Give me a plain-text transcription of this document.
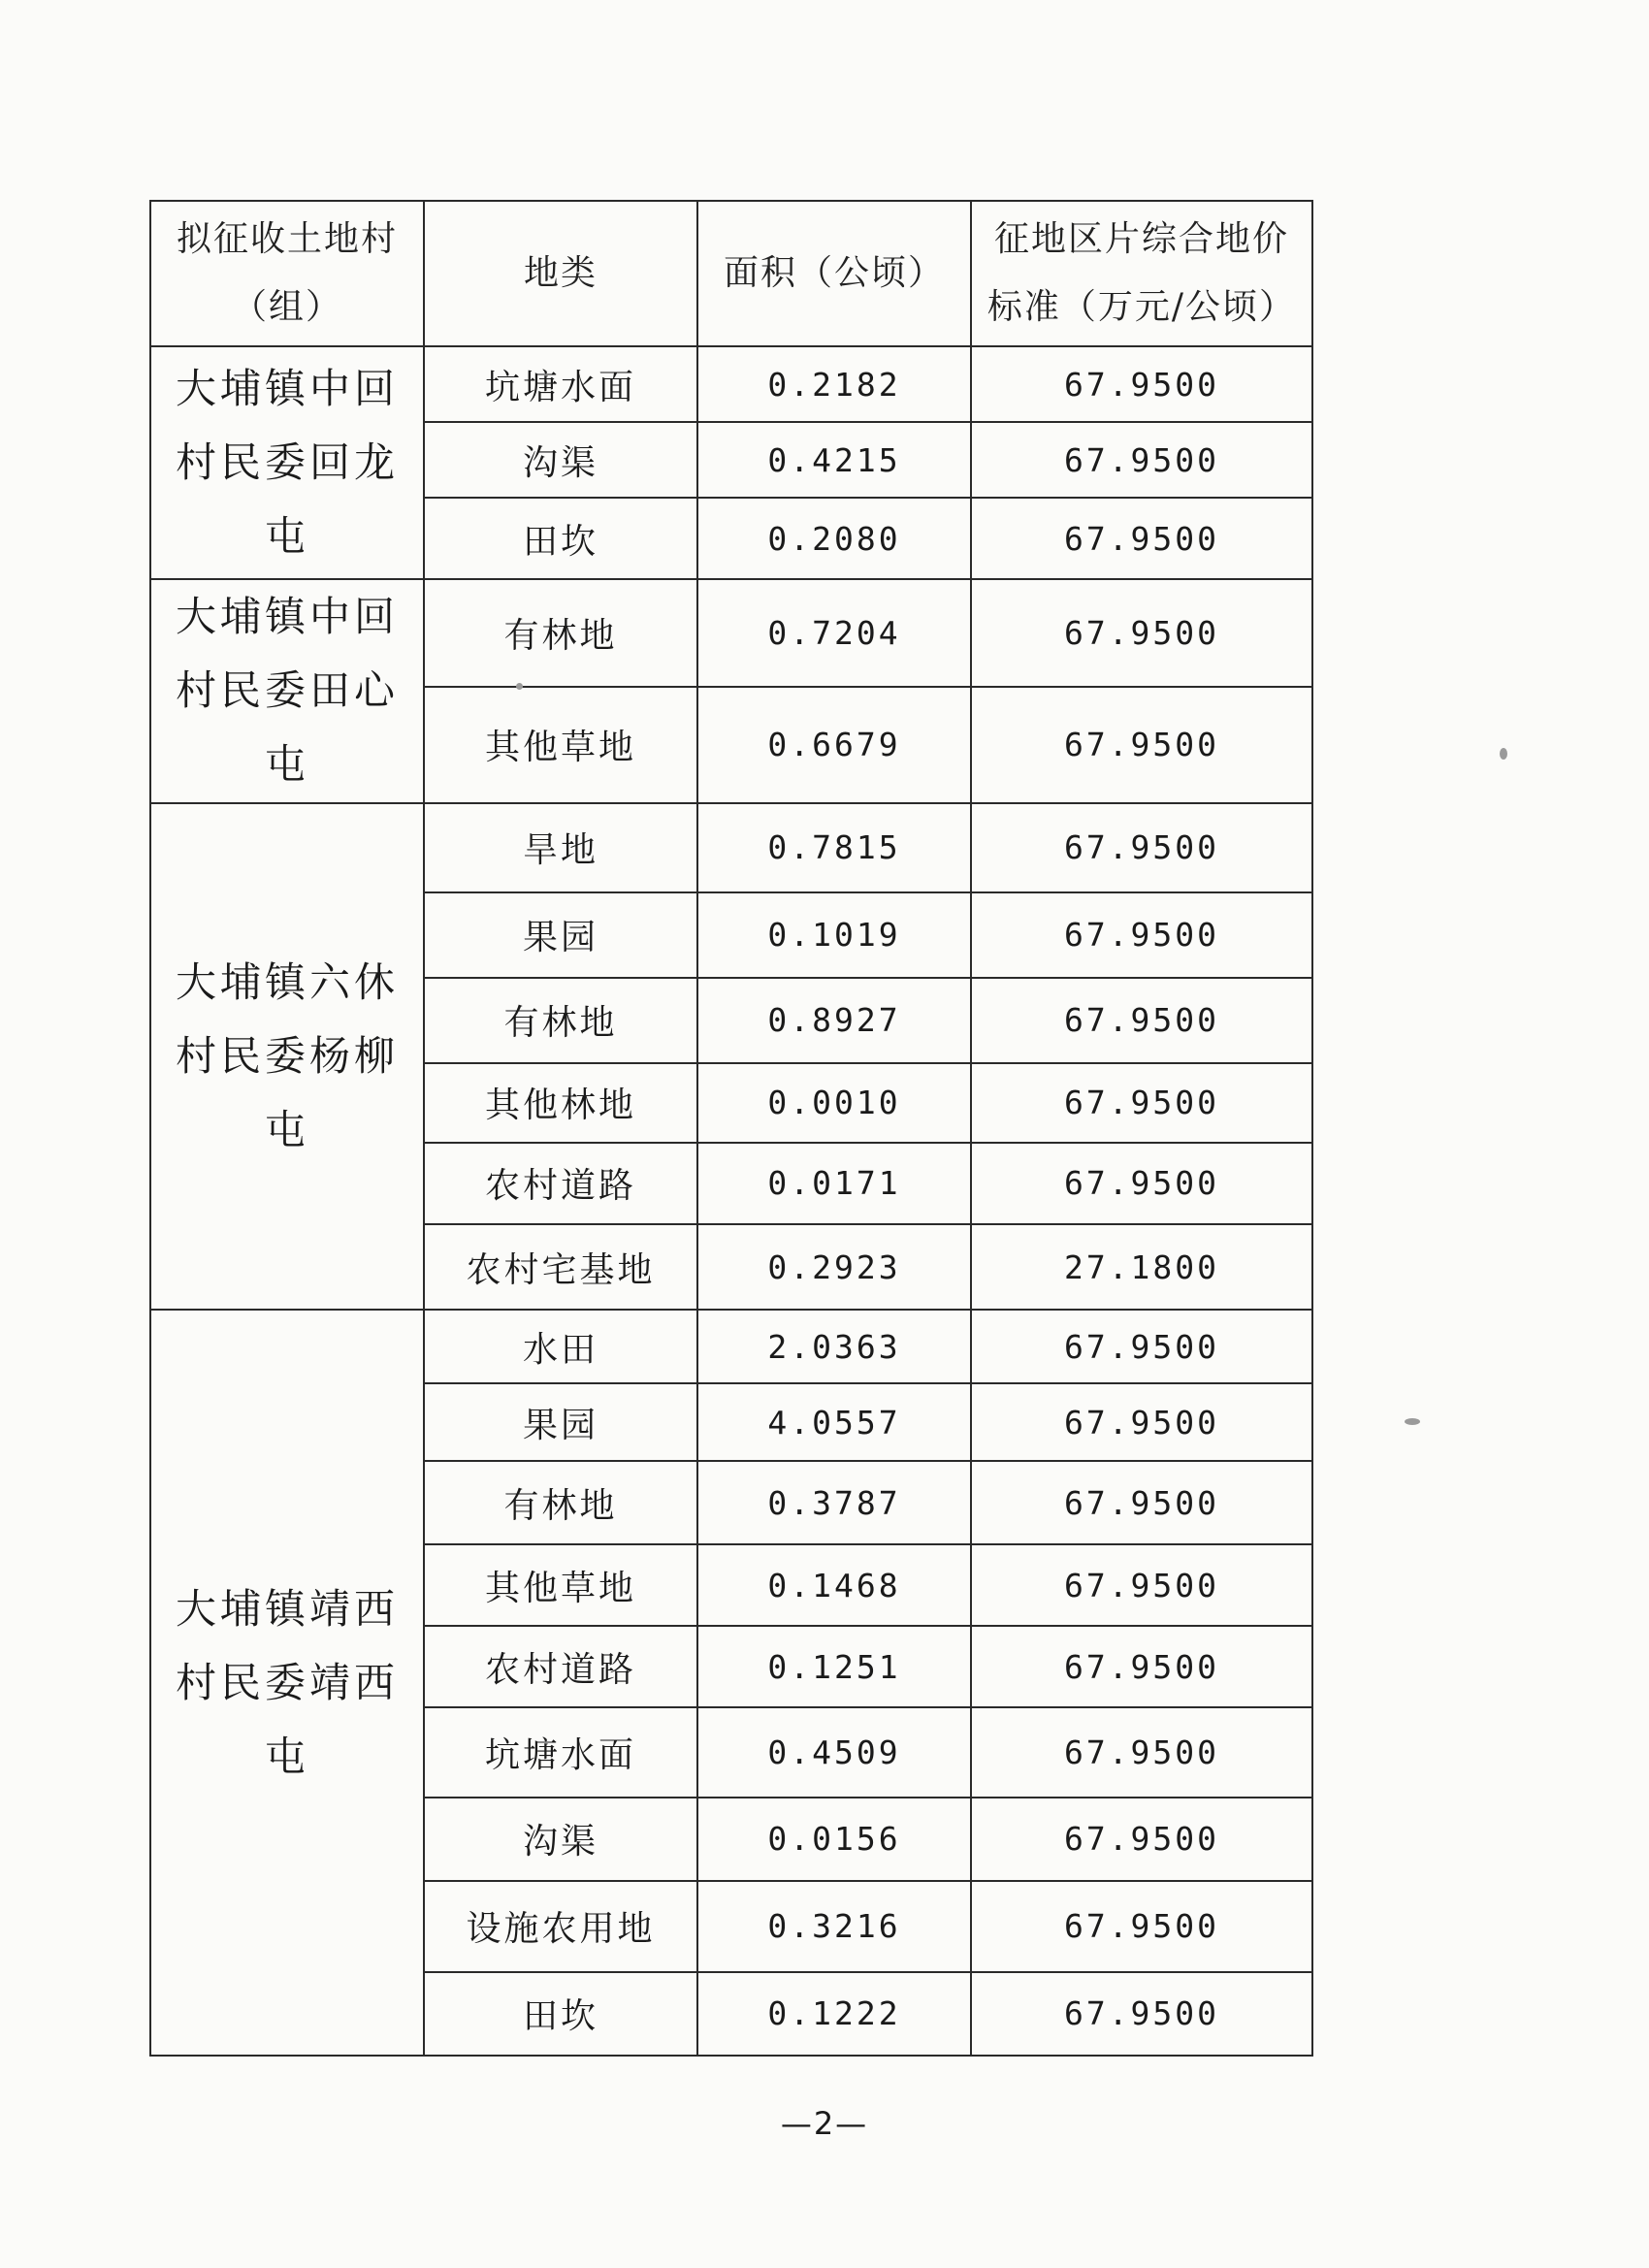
拟征收土地村
（组）	地类	面积（公顷）	征地区片综合地价
标准（万元/公顷）
大埔镇中回
村民委回龙
屯	坑塘水面	0.2182	67.9500
	沟渠	0.4215	67.9500
	田坎	0.2080	67.9500
大埔镇中回
村民委田心
屯	有林地	0.7204	67.9500
	其他草地	0.6679	67.9500
大埔镇六休
村民委杨柳
屯	旱地	0.7815	67.9500
	果园	0.1019	67.9500
	有林地	0.8927	67.9500
	其他林地	0.0010	67.9500
	农村道路	0.0171	67.9500
	农村宅基地	0.2923	27.1800
大埔镇靖西
村民委靖西
屯	水田	2.0363	67.9500
	果园	4.0557	67.9500
	有林地	0.3787	67.9500
	其他草地	0.1468	67.9500
	农村道路	0.1251	67.9500
	坑塘水面	0.4509	67.9500
	沟渠	0.0156	67.9500
	设施农用地	0.3216	67.9500
	田坎	0.1222	67.9500
—2—
